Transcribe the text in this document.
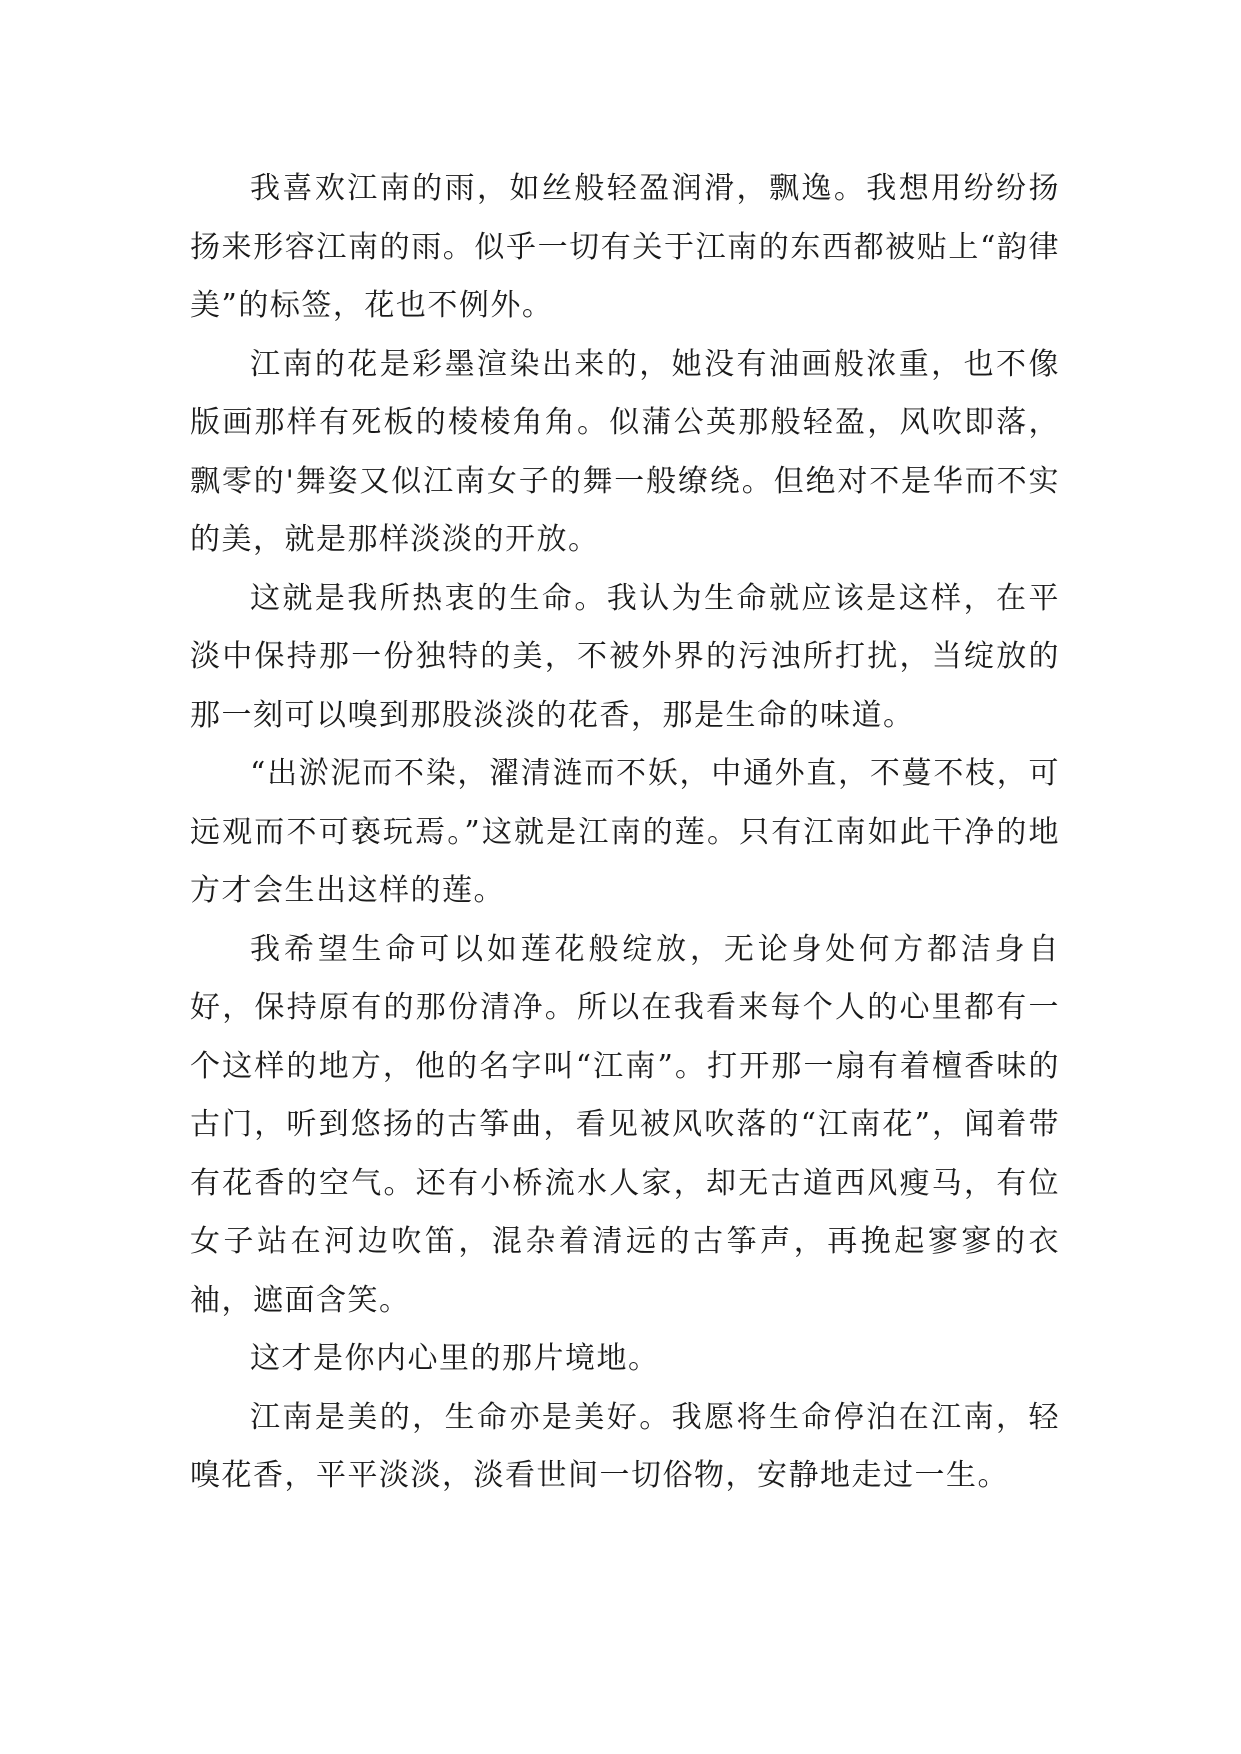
我喜欢江南的雨，如丝般轻盈润滑，飘逸。我想用纷纷扬扬来形容江南的雨。似乎一切有关于江南的东西都被贴上“韵律美”的标签，花也不例外。

江南的花是彩墨渲染出来的，她没有油画般浓重，也不像版画那样有死板的棱棱角角。似蒲公英那般轻盈，风吹即落，飘零的'舞姿又似江南女子的舞一般缭绕。但绝对不是华而不实的美，就是那样淡淡的开放。

这就是我所热衷的生命。我认为生命就应该是这样，在平淡中保持那一份独特的美，不被外界的污浊所打扰，当绽放的那一刻可以嗅到那股淡淡的花香，那是生命的味道。

“出淤泥而不染，濯清涟而不妖，中通外直，不蔓不枝，可远观而不可亵玩焉。”这就是江南的莲。只有江南如此干净的地方才会生出这样的莲。

我希望生命可以如莲花般绽放，无论身处何方都洁身自好，保持原有的那份清净。所以在我看来每个人的心里都有一个这样的地方，他的名字叫“江南”。打开那一扇有着檀香味的古门，听到悠扬的古筝曲，看见被风吹落的“江南花”，闻着带有花香的空气。还有小桥流水人家，却无古道西风瘦马，有位女子站在河边吹笛，混杂着清远的古筝声，再挽起寥寥的衣袖，遮面含笑。

这才是你内心里的那片境地。

江南是美的，生命亦是美好。我愿将生命停泊在江南，轻嗅花香，平平淡淡，淡看世间一切俗物，安静地走过一生。
